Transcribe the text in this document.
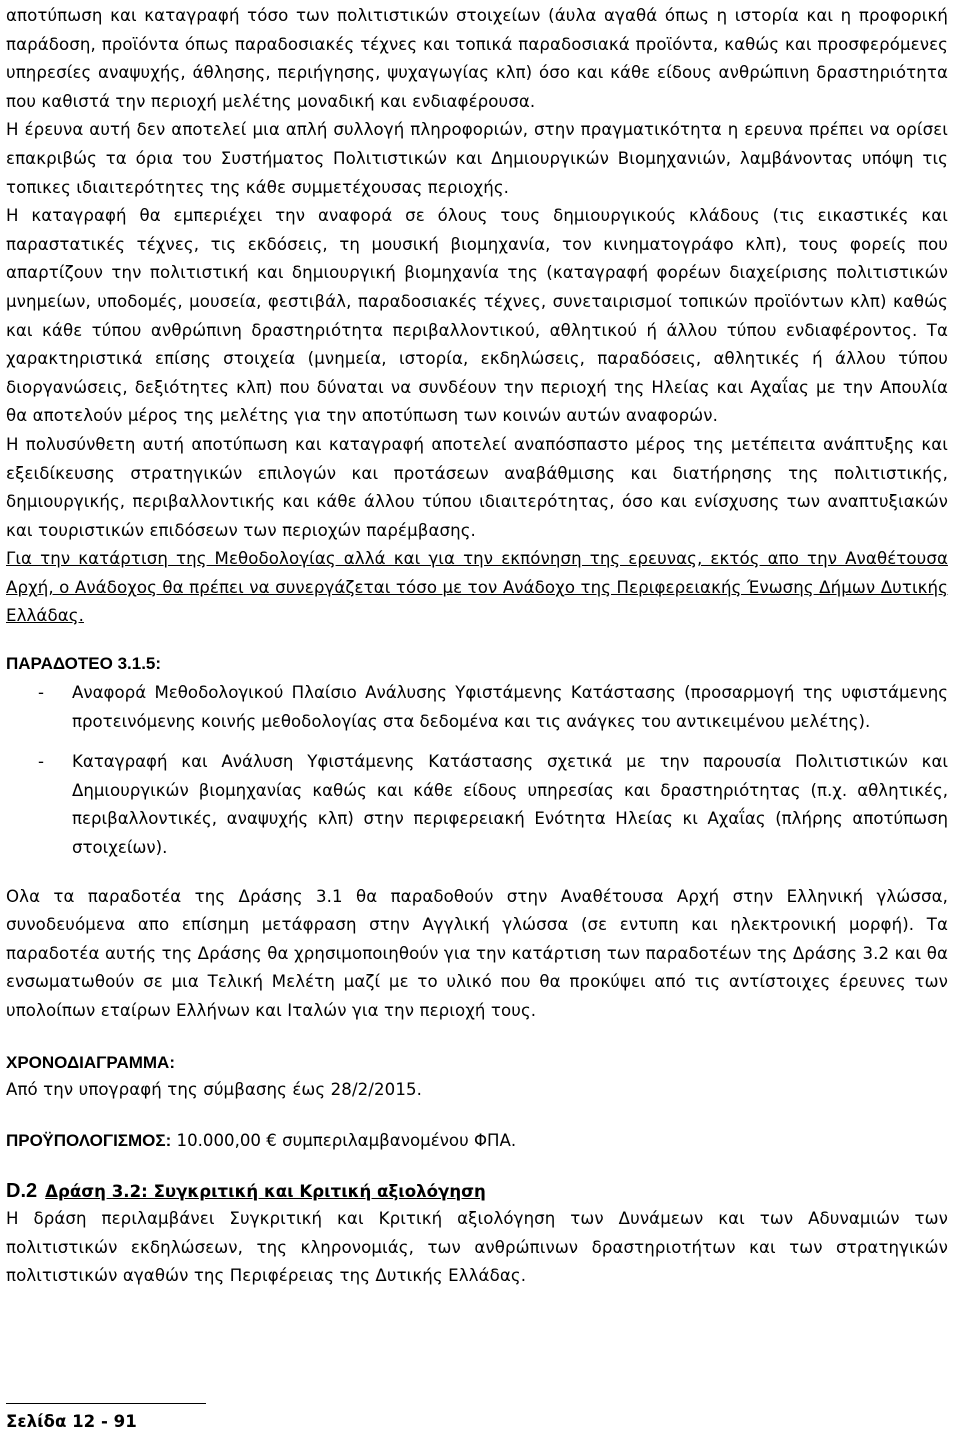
αποτύπωση και καταγραφή τόσο των πολιτιστικών στοιχείων (άυλα αγαθά όπως η ιστορία και η προφορική παράδοση, προϊόντα όπως παραδοσιακές τέχνες και τοπικά παραδοσιακά προϊόντα, καθώς και προσφερόμενες υπηρεσίες αναψυχής, άθλησης, περιήγησης, ψυχαγωγίας κλπ) όσο και κάθε είδους ανθρώπινη δραστηριότητα που καθιστά την περιοχή μελέτης μοναδική και ενδιαφέρουσα.

Η έρευνα αυτή δεν αποτελεί μια απλή συλλογή πληροφοριών, στην πραγματικότητα η ερευνα πρέπει να ορίσει επακριβώς τα όρια του Συστήματος Πολιτιστικών και Δημιουργικών Βιομηχανιών, λαμβάνοντας υπόψη τις τοπικες ιδιαιτερότητες της κάθε συμμετέχουσας περιοχής.

Η καταγραφή θα εμπεριέχει την αναφορά σε όλους τους δημιουργικούς κλάδους (τις εικαστικές και παραστατικές τέχνες, τις εκδόσεις, τη μουσική βιομηχανία, τον κινηματογράφο κλπ), τους φορείς που απαρτίζουν την πολιτιστική και δημιουργική βιομηχανία της (καταγραφή φορέων διαχείρισης πολιτιστικών μνημείων, υποδομές, μουσεία, φεστιβάλ, παραδοσιακές τέχνες, συνεταιρισμοί τοπικών προϊόντων κλπ) καθώς και κάθε τύπου ανθρώπινη δραστηριότητα περιβαλλοντικού, αθλητικού ή άλλου τύπου ενδιαφέροντος. Τα χαρακτηριστικά επίσης στοιχεία (μνημεία, ιστορία, εκδηλώσεις, παραδόσεις, αθλητικές ή άλλου τύπου διοργανώσεις, δεξιότητες κλπ) που δύναται να συνδέουν την περιοχή της Ηλείας και Αχαΐας με την Απουλία θα αποτελούν μέρος της μελέτης για την αποτύπωση των κοινών αυτών αναφορών.

Η πολυσύνθετη αυτή αποτύπωση και καταγραφή αποτελεί αναπόσπαστο μέρος της μετέπειτα ανάπτυξης και εξειδίκευσης στρατηγικών επιλογών και προτάσεων αναβάθμισης και διατήρησης της πολιτιστικής, δημιουργικής, περιβαλλοντικής και κάθε άλλου τύπου ιδιαιτερότητας, όσο και ενίσχυσης των αναπτυξιακών και τουριστικών επιδόσεων των περιοχών παρέμβασης.

Για την κατάρτιση της Μεθοδολογίας αλλά και για την εκπόνηση της ερευνας, εκτός απο την Αναθέτουσα Αρχή, ο Ανάδοχος θα πρέπει να συνεργάζεται τόσο με τον Ανάδοχο της Περιφερειακής Ένωσης Δήμων Δυτικής Ελλάδας.

ΠΑΡΑΔΟΤΕΟ 3.1.5:

- Αναφορά Μεθοδολογικού Πλαίσιο Ανάλυσης Υφιστάμενης Κατάστασης (προσαρμογή της υφιστάμενης προτεινόμενης κοινής μεθοδολογίας στα δεδομένα και τις ανάγκες του αντικειμένου μελέτης).
- Καταγραφή και Ανάλυση Υφιστάμενης Κατάστασης σχετικά με την παρουσία Πολιτιστικών και Δημιουργικών βιομηχανίας καθώς και κάθε είδους υπηρεσίας και δραστηριότητας (π.χ. αθλητικές, περιβαλλοντικές, αναψυχής κλπ) στην περιφερειακή Ενότητα Ηλείας κι Αχαΐας (πλήρης αποτύπωση στοιχείων).

Ολα τα παραδοτέα της Δράσης 3.1 θα παραδοθούν στην Αναθέτουσα Αρχή στην Ελληνική γλώσσα, συνοδευόμενα απο επίσημη μετάφραση στην Αγγλική γλώσσα (σε εντυπη και ηλεκτρονική μορφή). Τα παραδοτέα αυτής της Δράσης θα χρησιμοποιηθούν για την κατάρτιση των παραδοτέων της Δράσης 3.2 και θα ενσωματωθούν σε μια Τελική Μελέτη μαζί με το υλικό που θα προκύψει από τις αντίστοιχες έρευνες των υπολοίπων εταίρων Ελλήνων και Ιταλών για την περιοχή τους.

ΧΡΟΝΟΔΙΑΓΡΑΜΜΑ:

Από την υπογραφή της σύμβασης έως 28/2/2015.

ΠΡΟΫΠΟΛΟΓΙΣΜΟΣ: 10.000,00 € συμπεριλαμβανομένου ΦΠΑ.

D.2 Δράση 3.2: Συγκριτική και Κριτική αξιολόγηση

Η δράση περιλαμβάνει Συγκριτική και Κριτική αξιολόγηση των Δυνάμεων και των Αδυναμιών των πολιτιστικών εκδηλώσεων, της κληρονομιάς, των ανθρώπινων δραστηριοτήτων και των στρατηγικών πολιτιστικών αγαθών της Περιφέρειας της Δυτικής Ελλάδας.

Σελίδα 12 - 91
